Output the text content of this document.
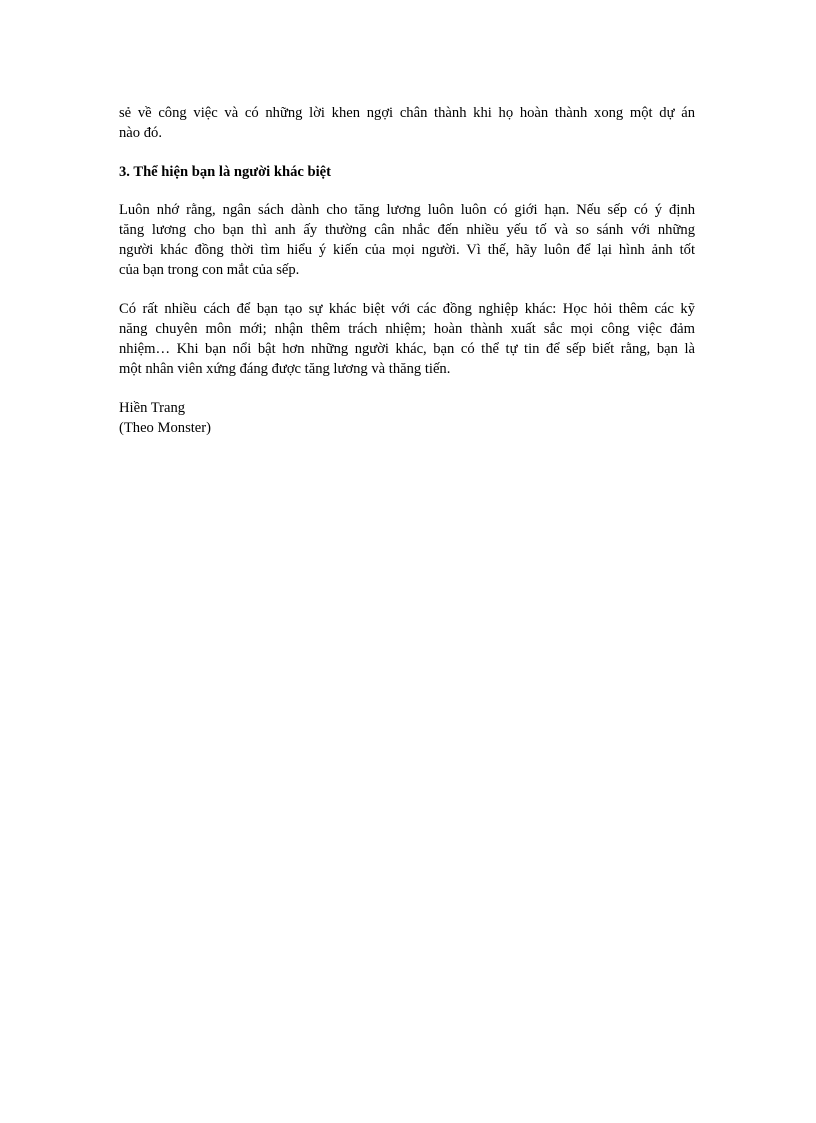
sẻ về công việc và có những lời khen ngợi chân thành khi họ hoàn thành xong một dự án
nào đó.
3. Thể hiện bạn là người khác biệt
Luôn nhớ rằng, ngân sách dành cho tăng lương luôn luôn có giới hạn. Nếu sếp có ý định
tăng lương cho bạn thì anh ấy thường cân nhắc đến nhiều yếu tố và so sánh với những
người khác đồng thời tìm hiểu ý kiến của mọi người. Vì thế, hãy luôn để lại hình ảnh tốt
của bạn trong con mắt của sếp.
Có rất nhiều cách để bạn tạo sự khác biệt với các đồng nghiệp khác: Học hỏi thêm các kỹ
năng chuyên môn mới; nhận thêm trách nhiệm; hoàn thành xuất sắc mọi công việc đảm
nhiệm… Khi bạn nổi bật hơn những người khác, bạn có thể tự tin để sếp biết rằng, bạn là
một nhân viên xứng đáng được tăng lương và thăng tiến.
Hiền Trang
(Theo Monster)
